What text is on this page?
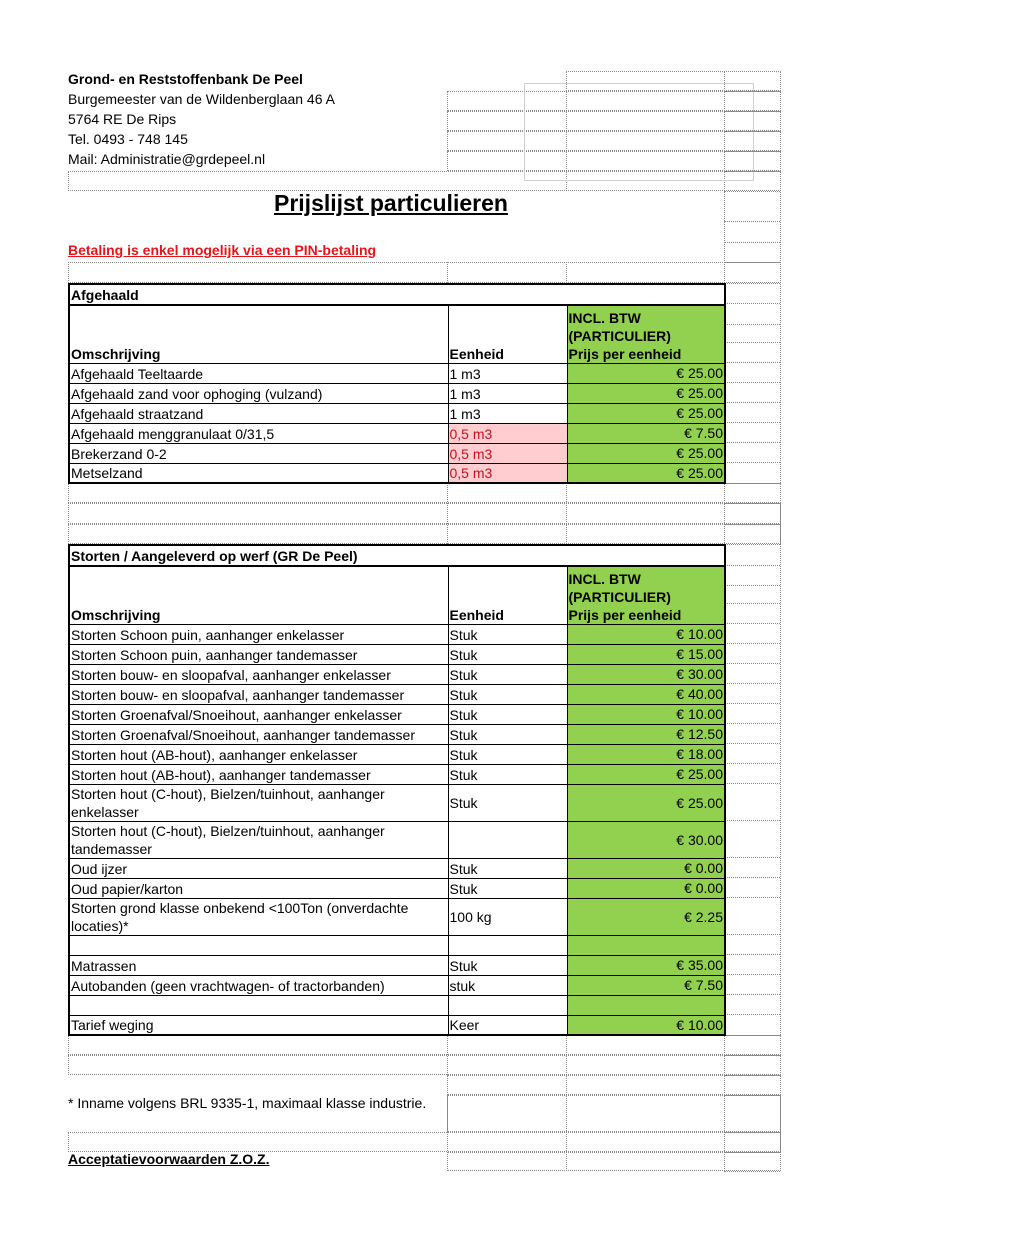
Grond- en Reststoffenbank De Peel
Burgemeester van de Wildenberglaan 46 A
5764 RE De Rips
Tel. 0493 - 748 145
Mail: Administratie@grdepeel.nl
Prijslijst particulieren
Betaling is enkel mogelijk via een PIN-betaling
Afgehaald		
Omschrijving	Eenheid	INCL. BTW
(PARTICULIER)
Prijs per eenheid

Afgehaald Teeltaarde	1 m3	€ 25.00
Afgehaald zand voor ophoging (vulzand)	1 m3	€ 25.00
Afgehaald straatzand	1 m3	€ 25.00
Afgehaald menggranulaat 0/31,5	0,5 m3	€ 7.50
Brekerzand 0-2	0,5 m3	€ 25.00
Metselzand	0,5 m3	€ 25.00
Storten / Aangeleverd op werf (GR De Peel)		
Omschrijving	Eenheid	INCL. BTW
(PARTICULIER)
Prijs per eenheid

Storten Schoon puin, aanhanger enkelasser	Stuk	€ 10.00
Storten Schoon puin, aanhanger tandemasser	Stuk	€ 15.00
Storten bouw- en sloopafval, aanhanger enkelasser	Stuk	€ 30.00
Storten bouw- en sloopafval, aanhanger tandemasser	Stuk	€ 40.00
Storten Groenafval/Snoeihout, aanhanger enkelasser	Stuk	€ 10.00
Storten Groenafval/Snoeihout, aanhanger tandemasser	Stuk	€ 12.50
Storten hout (AB-hout), aanhanger enkelasser	Stuk	€ 18.00
Storten hout (AB-hout), aanhanger tandemasser	Stuk	€ 25.00
Storten hout (C-hout), Bielzen/tuinhout, aanhanger enkelasser	Stuk	€ 25.00
Storten hout (C-hout), Bielzen/tuinhout, aanhanger tandemasser		€ 30.00
Oud ijzer	Stuk	€ 0.00
Oud papier/karton	Stuk	€ 0.00
Storten grond klasse onbekend <100Ton (onverdachte locaties)*	100 kg	€ 2.25

Matrassen	Stuk	€ 35.00
Autobanden (geen vrachtwagen- of tractorbanden)	stuk	€ 7.50

Tarief weging	Keer	€ 10.00
* Inname volgens BRL 9335-1, maximaal klasse industrie.
Acceptatievoorwaarden Z.O.Z.
